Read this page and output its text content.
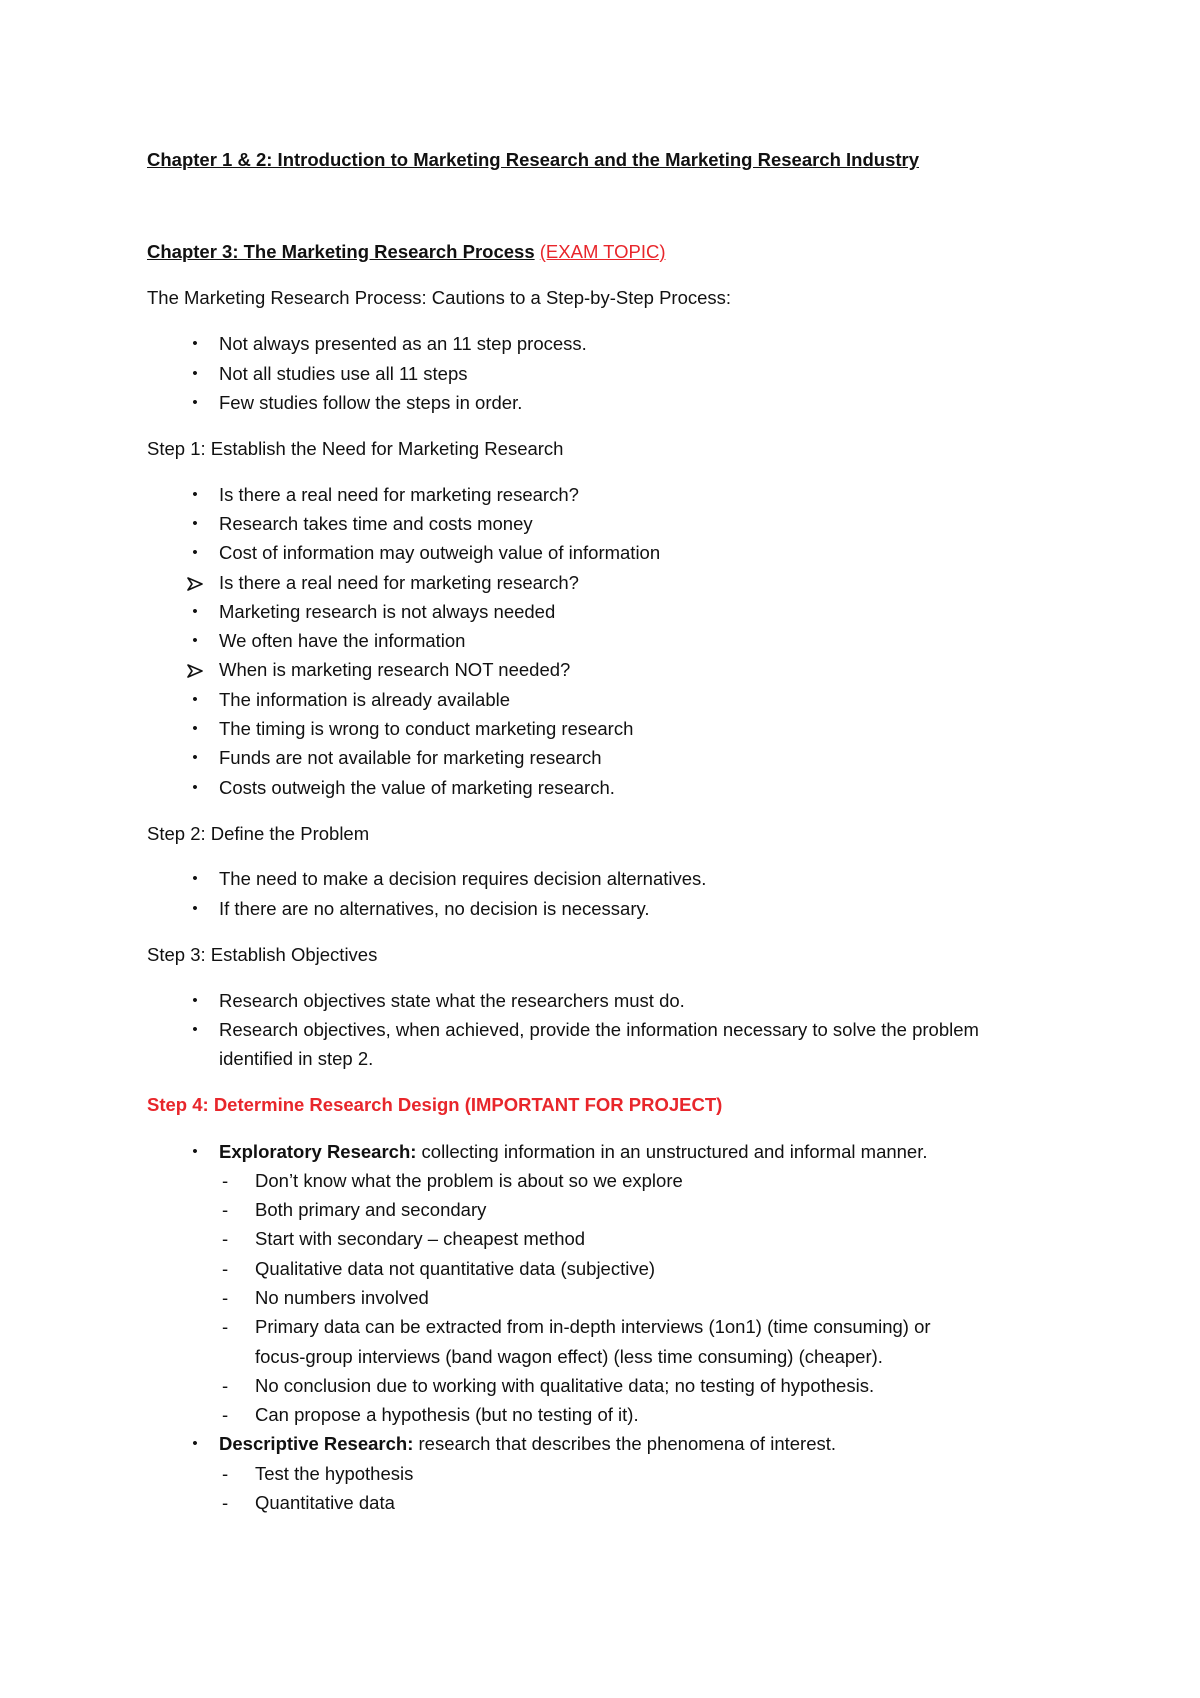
Chapter 1 & 2: Introduction to Marketing Research and the Marketing Research Industry
Chapter 3: The Marketing Research Process (EXAM TOPIC)
The Marketing Research Process: Cautions to a Step-by-Step Process:
•	Not always presented as an 11 step process.
•	Not all studies use all 11 steps
•	Few studies follow the steps in order.
Step 1: Establish the Need for Marketing Research
•	Is there a real need for marketing research?
•	Research takes time and costs money
•	Cost of information may outweigh value of information
Is there a real need for marketing research?
•	Marketing research is not always needed
•	We often have the information
When is marketing research NOT needed?
•	The information is already available
•	The timing is wrong to conduct marketing research
•	Funds are not available for marketing research
•	Costs outweigh the value of marketing research.
Step 2: Define the Problem
•	The need to make a decision requires decision alternatives.
•	If there are no alternatives, no decision is necessary.
Step 3: Establish Objectives
•	Research objectives state what the researchers must do.
•	Research objectives, when achieved, provide the information necessary to solve the problem
identified in step 2.
Step 4: Determine Research Design (IMPORTANT FOR PROJECT)
•	Exploratory Research: collecting information in an unstructured and informal manner.
- Don’t know what the problem is about so we explore
- Both primary and secondary
- Start with secondary – cheapest method
- Qualitative data not quantitative data (subjective)
- No numbers involved
- Primary data can be extracted from in-depth interviews (1on1) (time consuming) or
focus-group interviews (band wagon effect) (less time consuming) (cheaper).
- No conclusion due to working with qualitative data; no testing of hypothesis.
- Can propose a hypothesis (but no testing of it).
•	Descriptive Research: research that describes the phenomena of interest.
- Test the hypothesis
- Quantitative data
